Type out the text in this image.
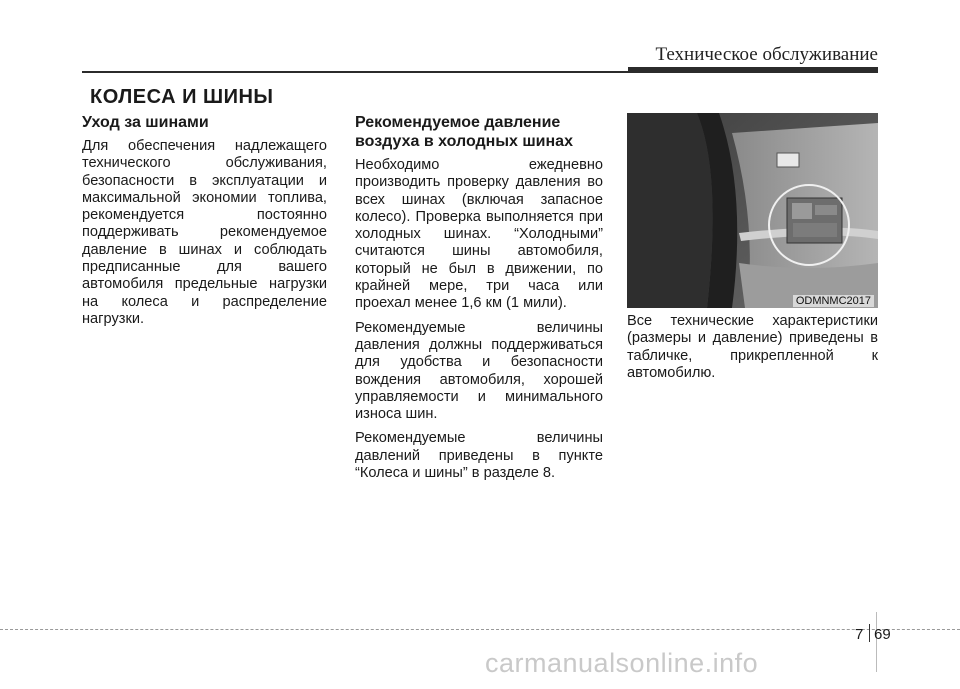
Техническое обслуживание
КОЛЕСА И ШИНЫ
Уход за шинами

Для обеспечения надлежащего технического обслуживания, безопасности в эксплуатации и максимальной экономии топлива, рекомендуется постоянно поддерживать рекомендуемое давление в шинах и соблюдать предписанные для вашего автомобиля предельные нагрузки на колеса и распределение нагрузки.

Рекомендуемое давление воздуха в холодных шинах

Необходимо ежедневно производить проверку давления во всех шинах (включая запасное колесо). Проверка выполняется при холодных шинах. “Холодными” считаются шины автомобиля, который не был в движении, по крайней мере, три часа или проехал менее 1,6 км (1 мили).

Рекомендуемые величины давления должны поддерживаться для удобства и безопасности вождения автомобиля, хорошей управляемости и минимального износа шин.

Рекомендуемые величины давлений приведены в пункте “Колеса и шины” в разделе 8.

ODMNMC2017

Все технические характеристики (размеры и давление) приведены в табличке, прикрепленной к автомобилю.

7 69
carmanualsonline.info
